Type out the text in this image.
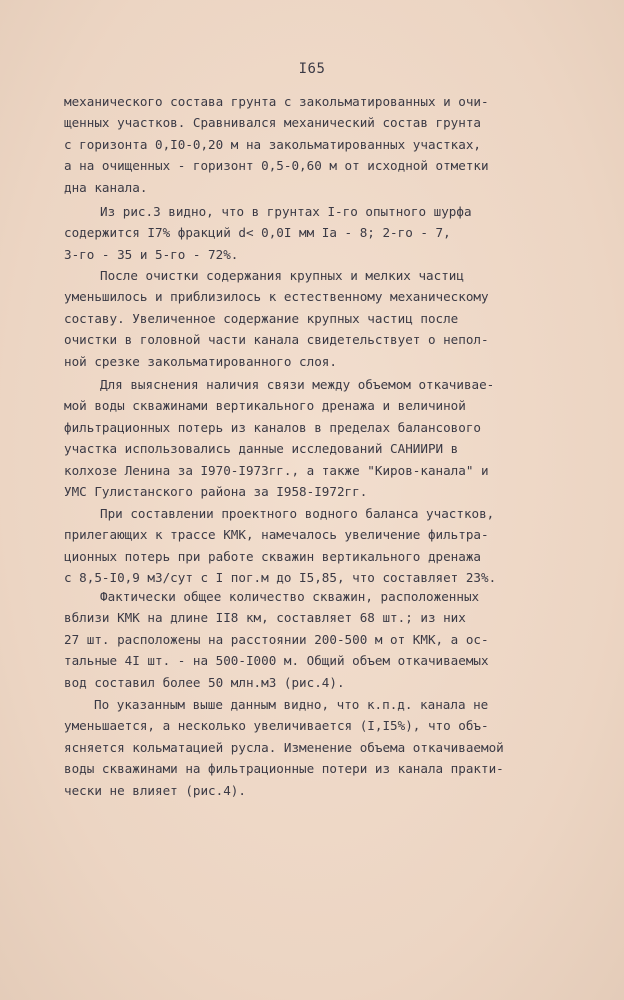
I65
механического состава грунта с закольматированных и очи-
щенных участков. Сравнивался механический состав грунта
с горизонта 0,I0-0,20 м на закольматированных участках,
а на очищенных - горизонт 0,5-0,60 м от исходной отметки
дна канала.
Из рис.3 видно, что в грунтах I-го опытного шурфа
содержится I7% фракций d< 0,0I мм Iа - 8; 2-го - 7,
3-го - 35 и 5-го - 72%.
После очистки содержания крупных и мелких частиц
уменьшилось и приблизилось к естественному механическому
составу. Увеличенное содержание крупных частиц после
очистки в головной части канала свидетельствует о непол-
ной срезке закольматированного слоя.
Для выяснения наличия связи между объемом откачивае-
мой воды скважинами вертикального дренажа и величиной
фильтрационных потерь из каналов в пределах балансового
участка использовались данные исследований САНИИРИ в
колхозе Ленина за I970-I973гг., а также "Киров-канала" и
УМС Гулистанского района за I958-I972гг.
При составлении проектного водного баланса участков,
прилегающих к трассе КМК, намечалось увеличение фильтра-
ционных потерь при работе скважин вертикального дренажа
с 8,5-I0,9 м3/сут с I пог.м до I5,85, что составляет 23%.
Фактически общее количество скважин, расположенных
вблизи КМК на длине II8 км, составляет 68 шт.; из них
27 шт. расположены на расстоянии 200-500 м от КМК, а ос-
тальные 4I шт. - на 500-I000 м. Общий объем откачиваемых
вод составил более 50 млн.м3 (рис.4).
По указанным выше данным видно, что к.п.д. канала не
уменьшается, а несколько увеличивается (I,I5%), что объ-
ясняется кольматацией русла. Изменение объема откачиваемой
воды скважинами на фильтрационные потери из канала практи-
чески не влияет (рис.4).
